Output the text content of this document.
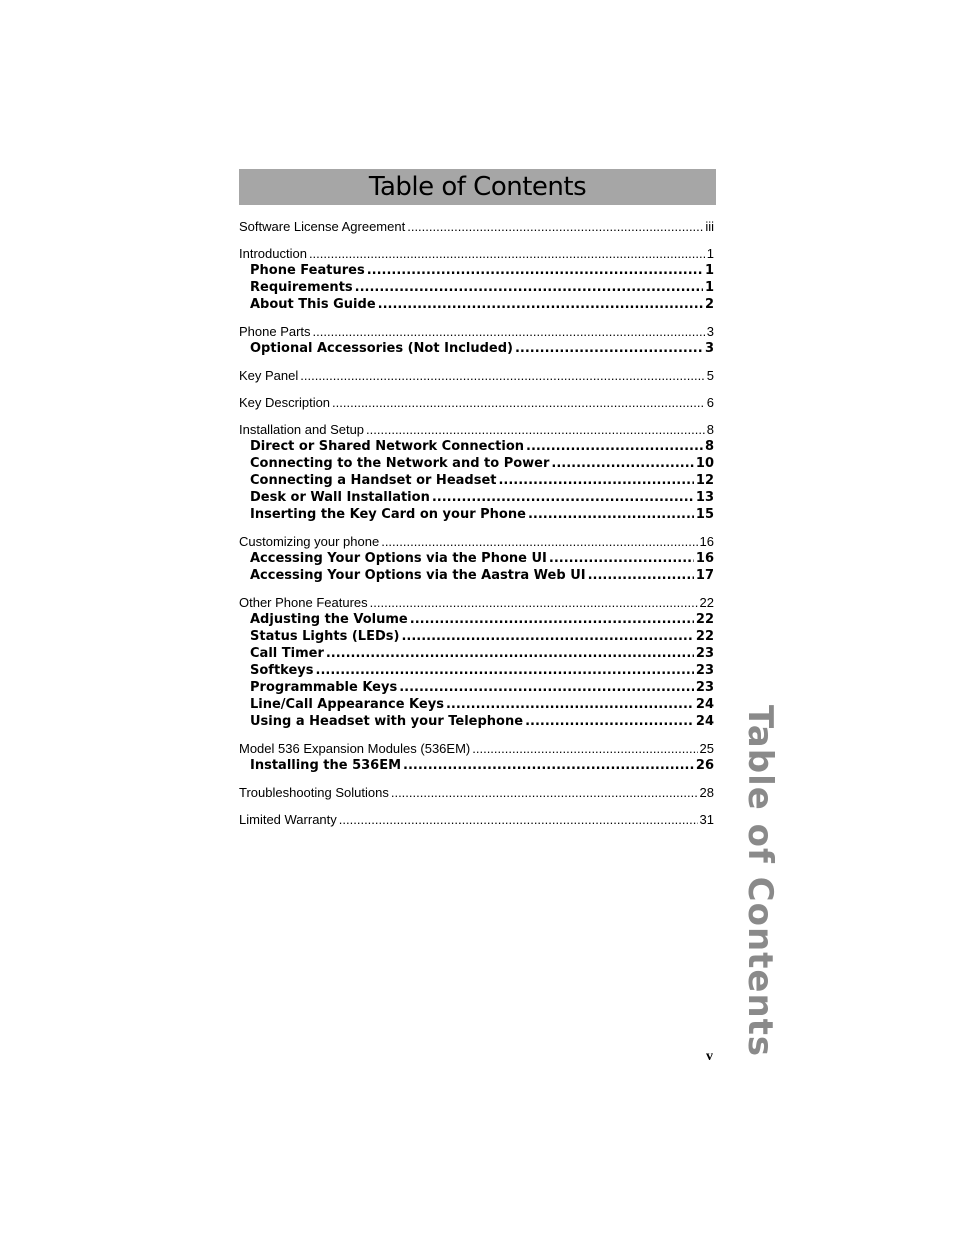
Table of Contents
Software License Agreement .....	iii
Introduction .....	1
Phone Features .....	1
Requirements .....	1
About This Guide .....	2
Phone Parts .....	3
Optional Accessories (Not Included) .....	3
Key Panel .....	5
Key Description .....	6
Installation and Setup .....	8
Direct or Shared Network Connection .....	8
Connecting to the Network and to Power .....	10
Connecting a Handset or Headset .....	12
Desk or Wall Installation .....	13
Inserting the Key Card on your Phone .....	15
Customizing your phone .....	16
Accessing Your Options via the Phone UI .....	16
Accessing Your Options via the Aastra Web UI .....	17
Other Phone Features .....	22
Adjusting the Volume .....	22
Status Lights (LEDs) .....	22
Call Timer .....	23
Softkeys .....	23
Programmable Keys .....	23
Line/Call Appearance Keys .....	24
Using a Headset with your Telephone .....	24
Model 536 Expansion Modules (536EM) .....	25
Installing the 536EM .....	26
Troubleshooting Solutions .....	28
Limited Warranty .....	31 Table of Contents
v
